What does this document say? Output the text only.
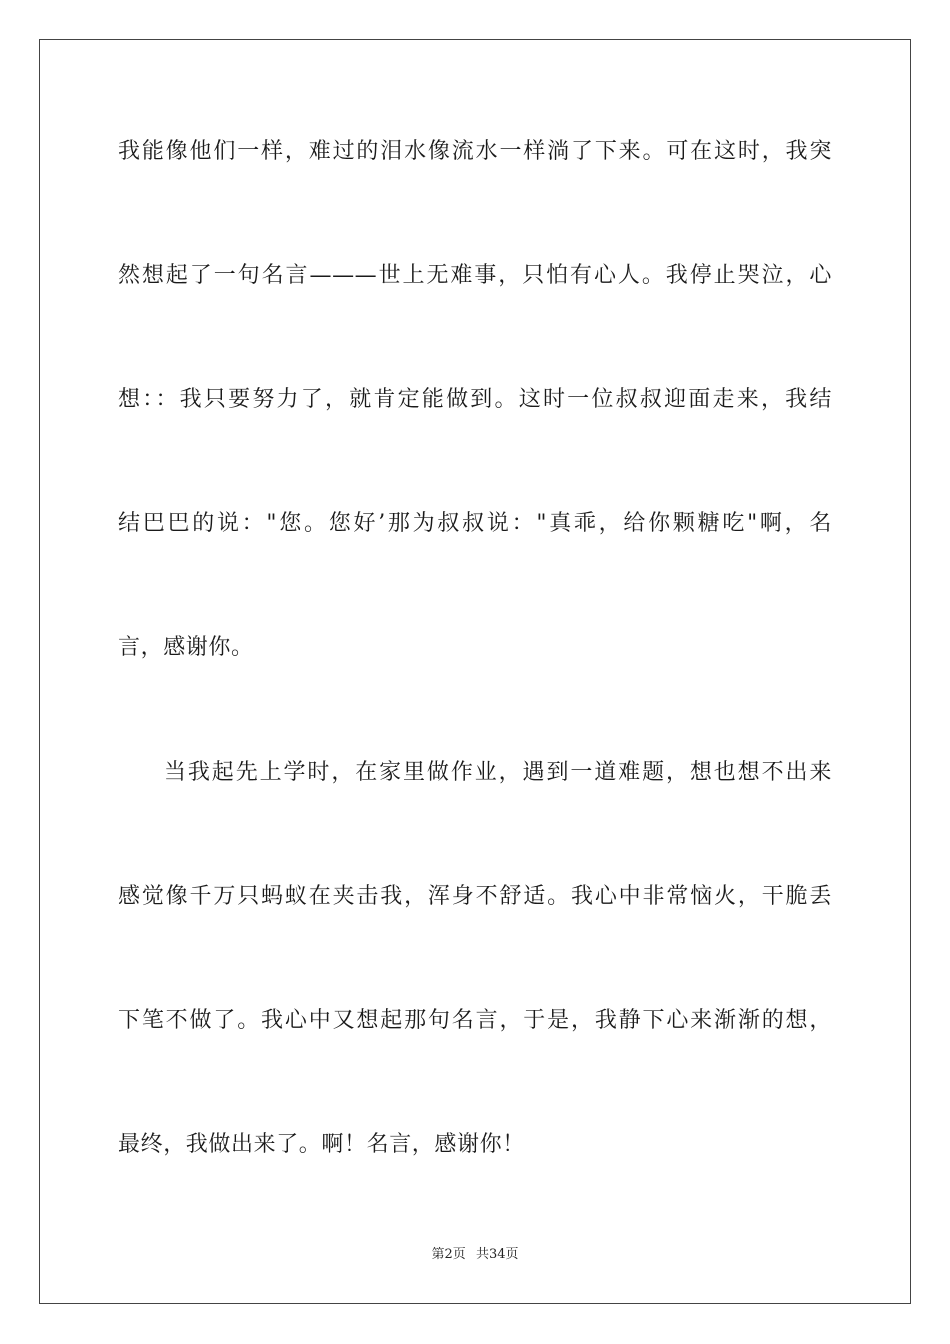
我能像他们一样，难过的泪水像流水一样淌了下来。可在这时，我突
然想起了一句名言———世上无难事，只怕有心人。我停止哭泣，心
想：：我只要努力了，就肯定能做到。这时一位叔叔迎面走来，我结
结巴巴的说："您。您好’那为叔叔说："真乖，给你颗糖吃"啊，名
言，感谢你。
当我起先上学时，在家里做作业，遇到一道难题，想也想不出来
感觉像千万只蚂蚁在夹击我，浑身不舒适。我心中非常恼火，干脆丢
下笔不做了。我心中又想起那句名言，于是，我静下心来渐渐的想，
最终，我做出来了。啊！名言，感谢你！
第2页 共34页
